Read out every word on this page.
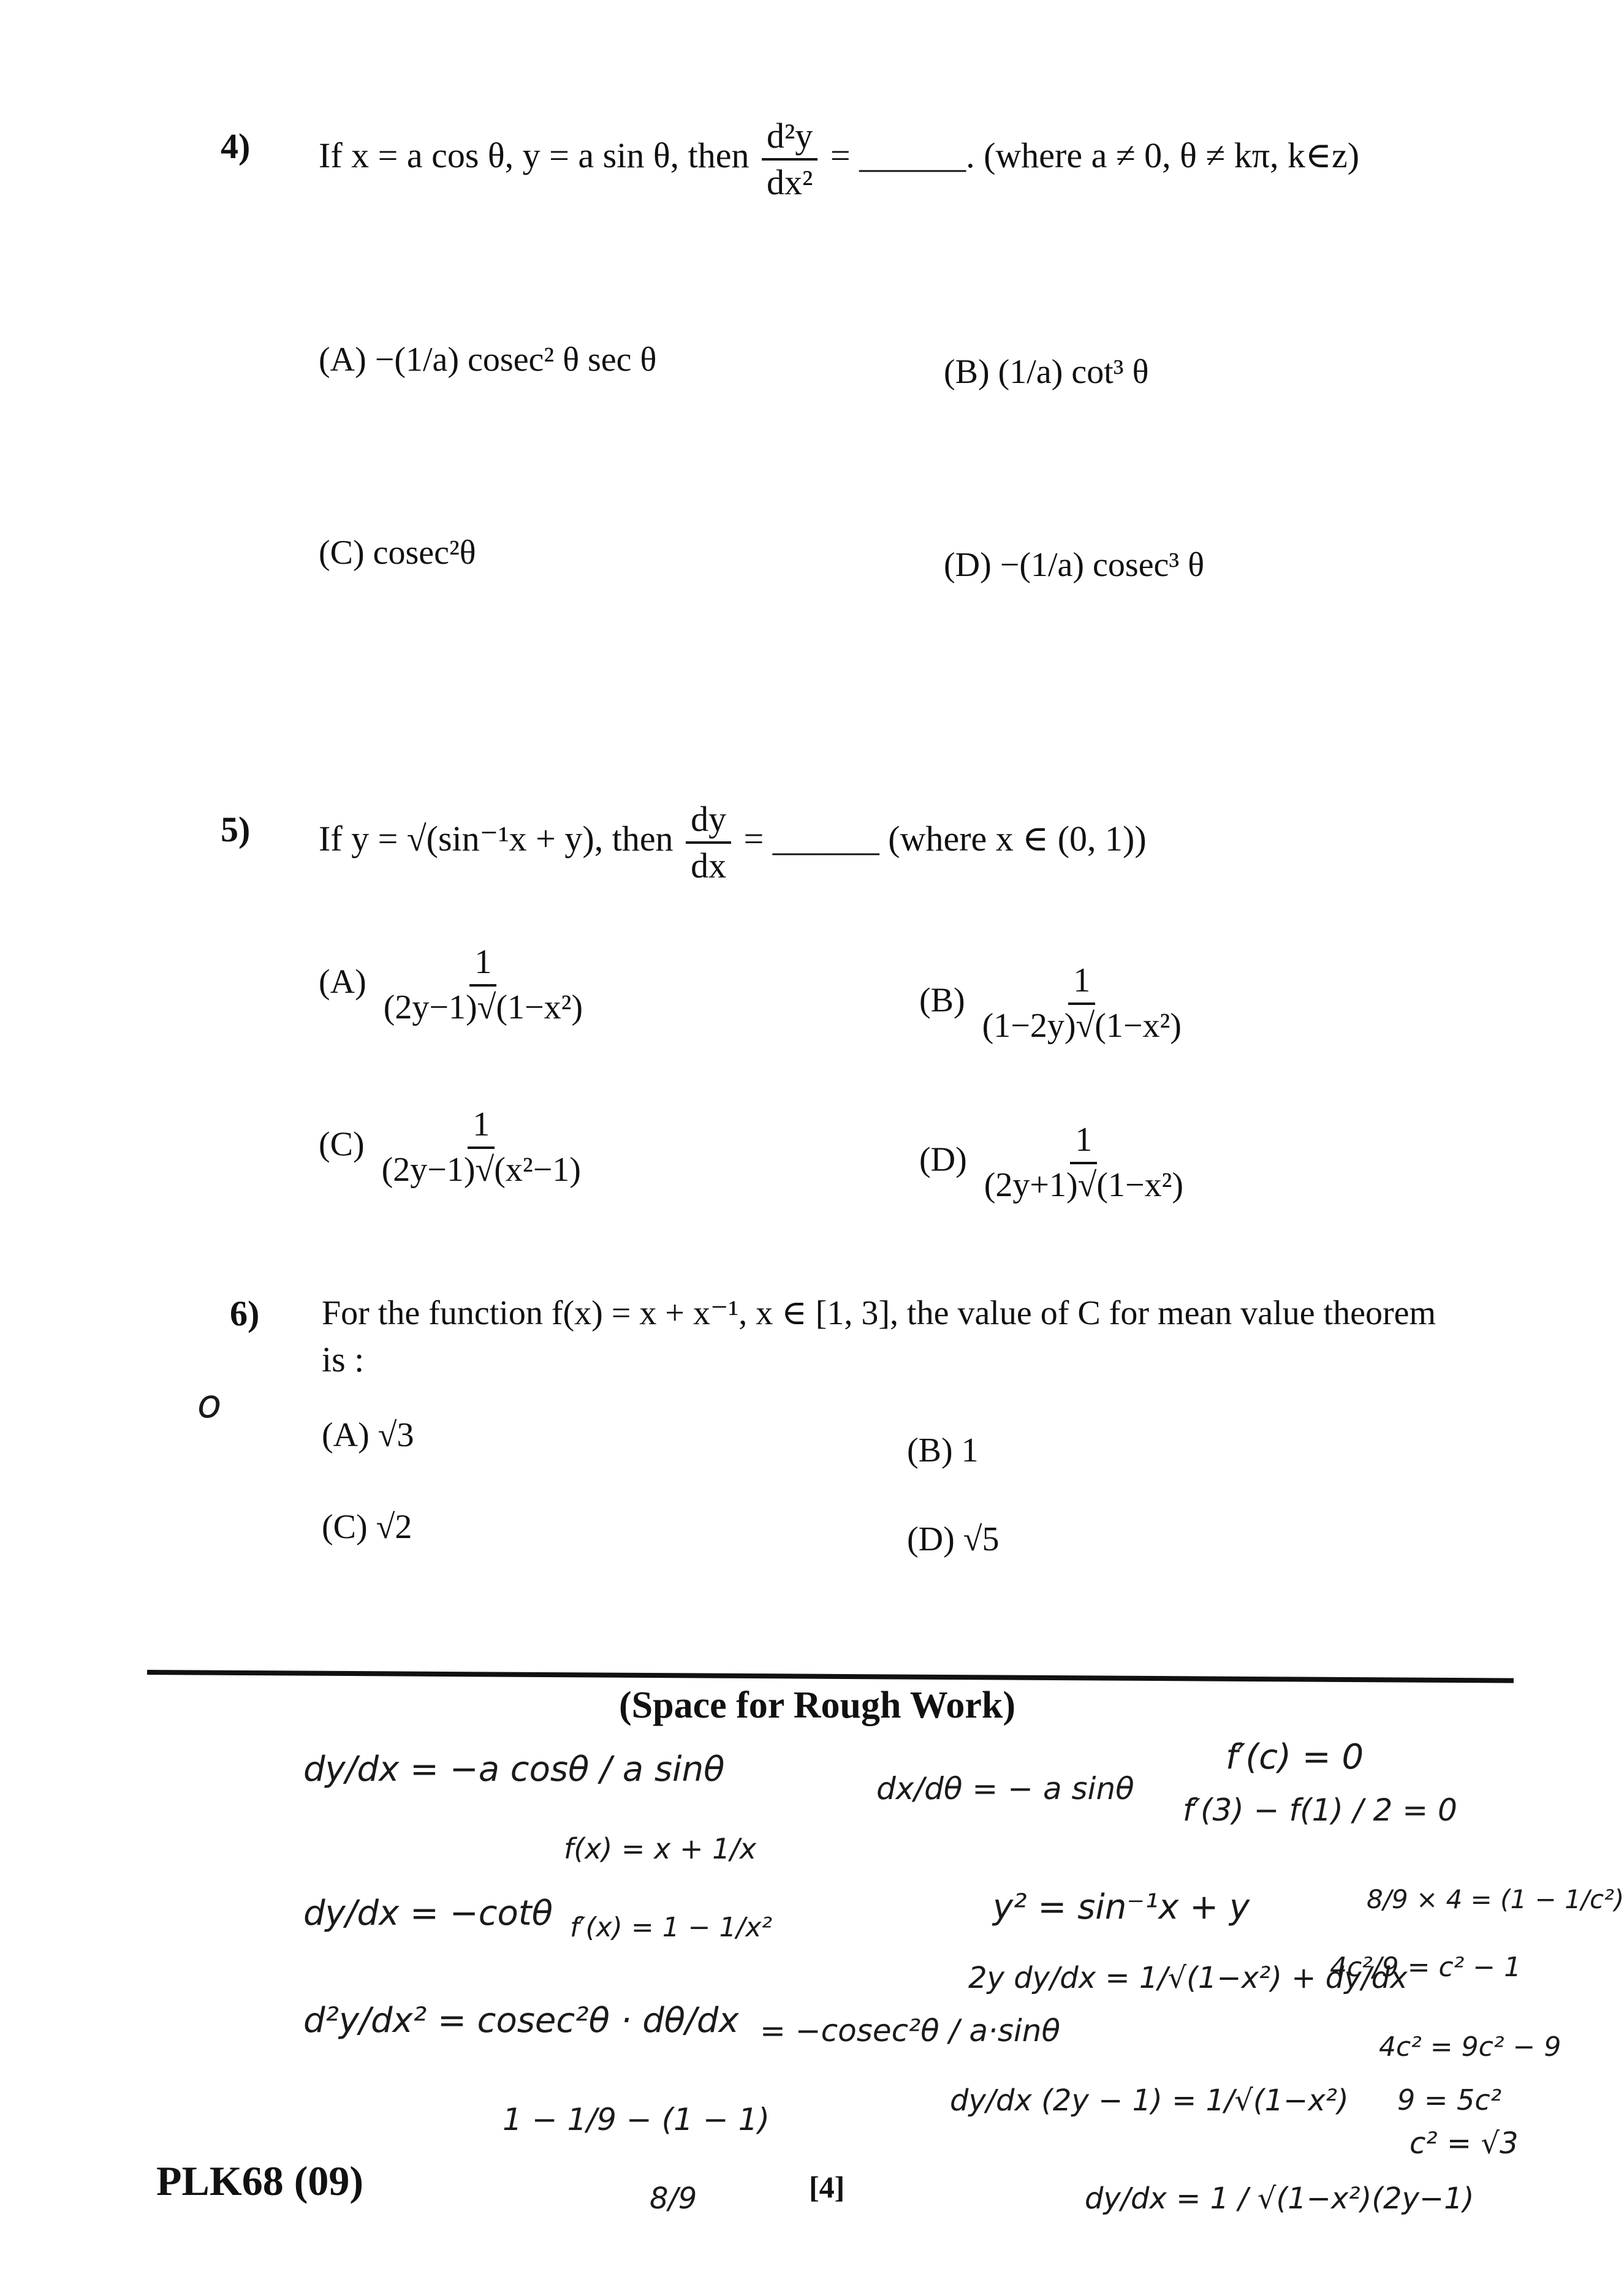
4) If x = a cos θ, y = a sin θ, then $\frac{\text{d²y}}{\text{dx²}}$ = ______. (where a ≠ 0, θ ≠ kπ, k∈z)
(A) −(1/a) cosec² θ sec θ	(B) (1/a) cot³ θ
(C) cosec²θ	(D) −(1/a) cosec³ θ
5) If y = √(sin⁻¹x + y), then $\frac{dy}{dx}$ = ______ (where x ∈ (0, 1))
$(A) \frac{1}{\text{(2y−1)√(1−x²)}}$	$(B) \frac{1}{\text{(1−2y)√(1−x²)}}$
$(C) \frac{1}{\text{(2y−1)√(x²−1)}}$	$(D) \frac{1}{\text{(2y+1)√(1−x²)}}$
6) For the function f(x) = x + x⁻¹, x ∈ [1, 3], the value of C for mean value theorem
is :
o
(A) √3	(B) 1
(C) √2	(D) √5
(Space for Rough Work)
dy/dx = −a cosθ / a sinθ
f(x) = x + 1/x
dy/dx = −cotθ f′(x) = 1 − 1/x²
d²y/dx² = cosec²θ · dθ/dx = −cosec²θ / a·sinθ
1 − 1/9 − (1 − 1)
8/9
dx/dθ = − a sinθ
f′(c) = 0
f′(3) − f(1) / 2 = 0
y² = sin⁻¹x + y	8/9 × 4 = (1 − 1/c²)
2y dy/dx = 1/√(1−x²) + dy/dx
4c²/9 = c² − 1
4c² = 9c² − 9
dy/dx (2y − 1) = 1/√(1−x²) 9 = 5c²
c² = √3
dy/dx = 1 / √(1−x²)(2y−1)
PLK68 (09)	[4]
